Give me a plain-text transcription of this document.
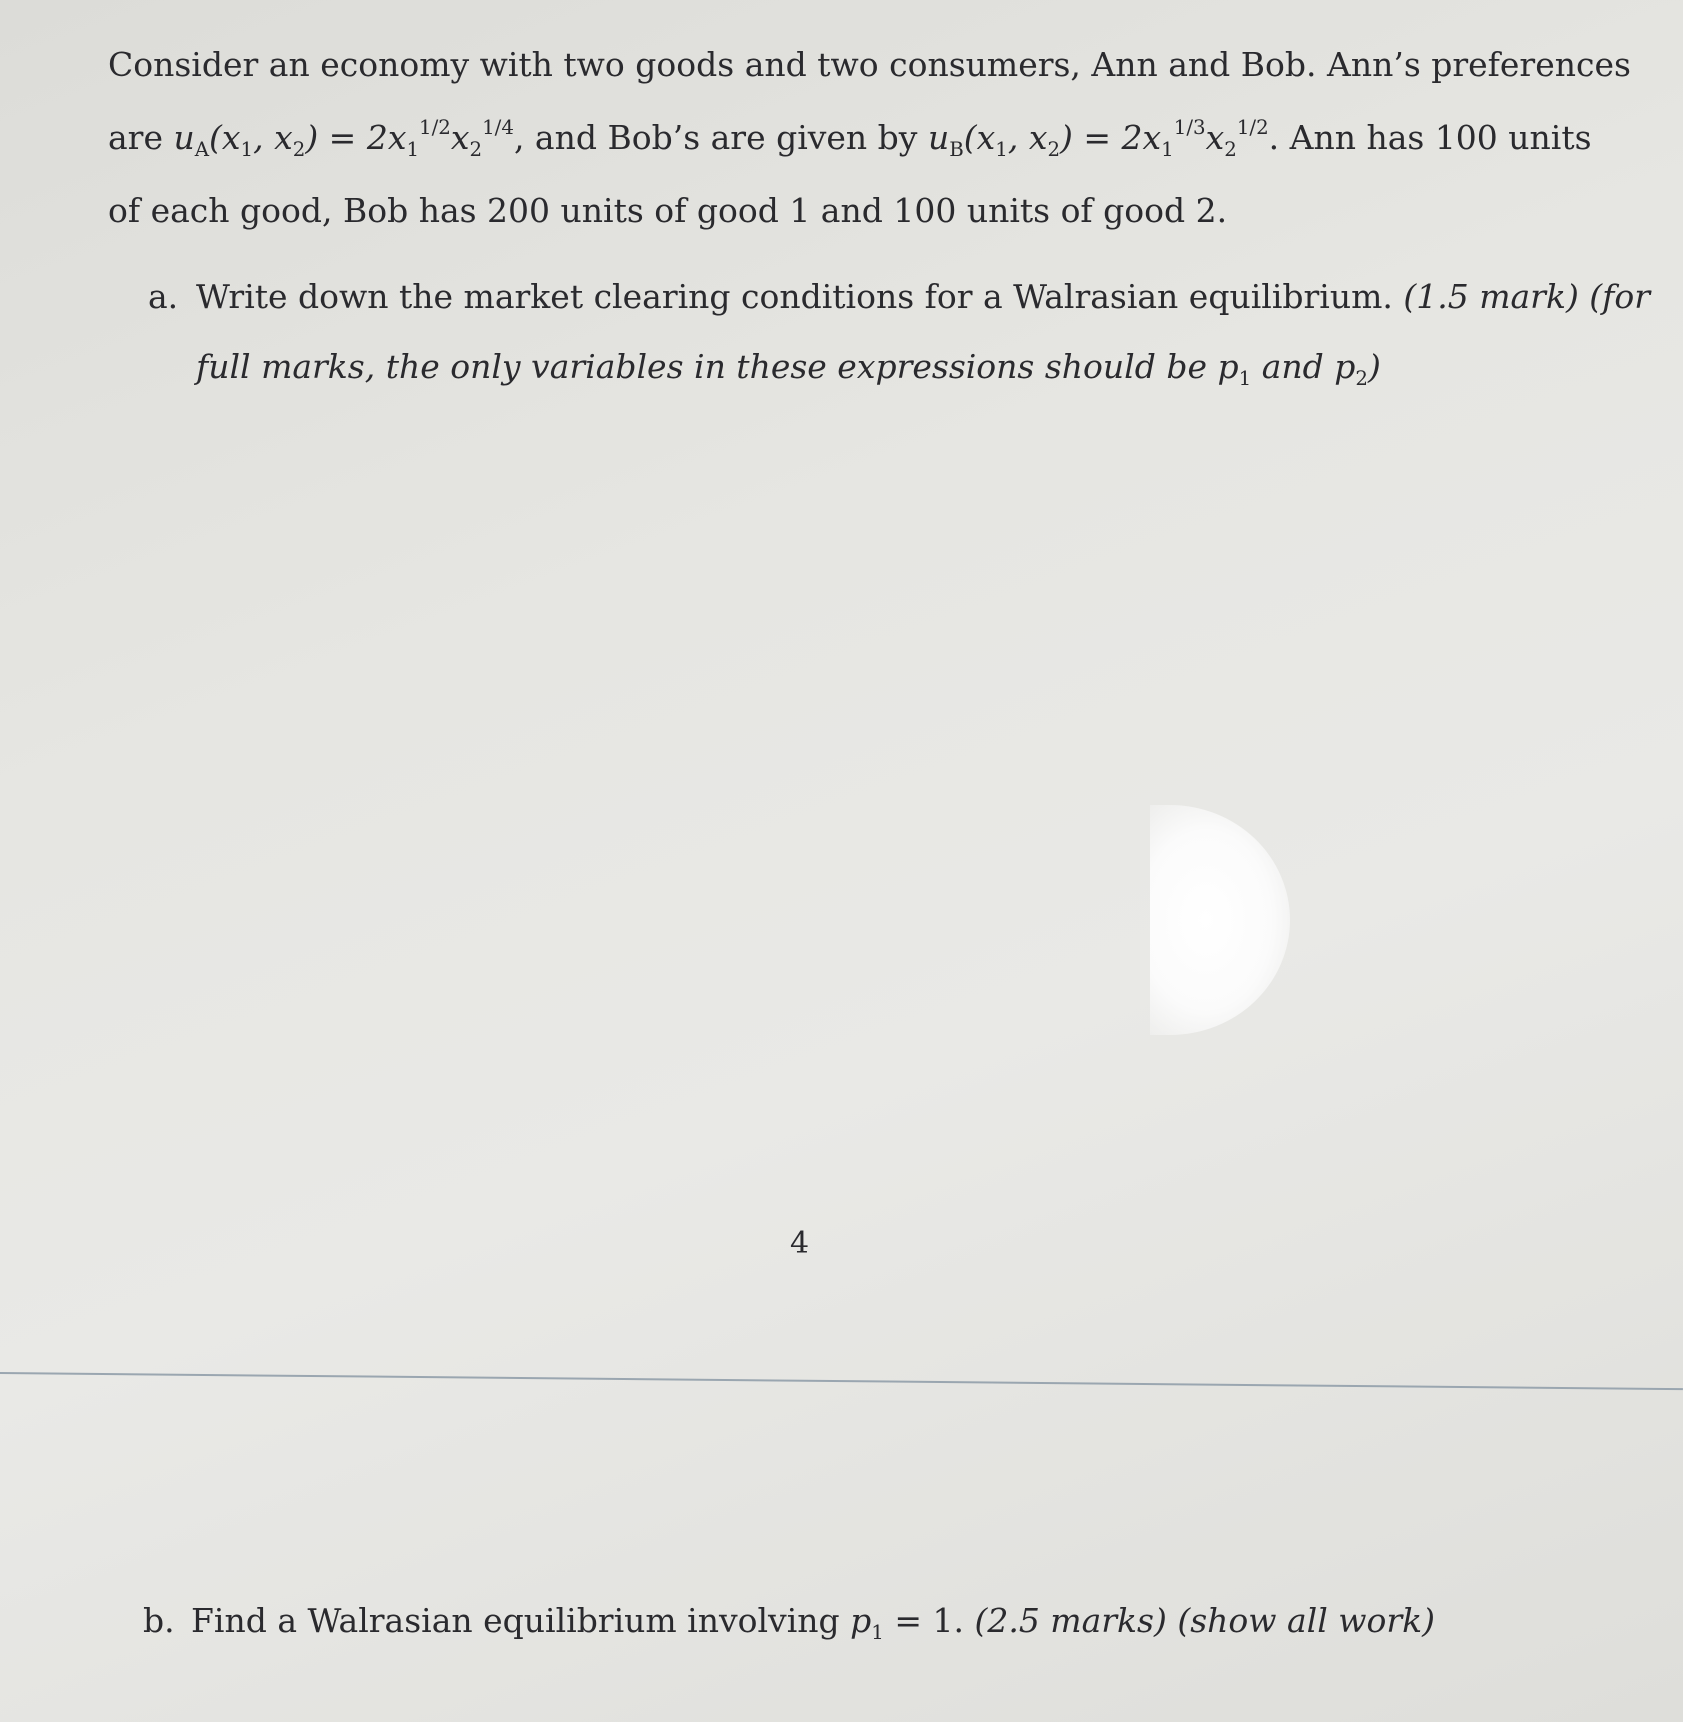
Consider an economy with two goods and two consumers, Ann and Bob. Ann’s preferences
are $u_A(x_1$, $x_2) = 2x_1^{1/2}x_2^{1/4}$, and Bob’s are given by $u_B(x_1$, $x_2) = 2x_1^{1/3}x_2^{1/2}$. Ann has 100 units
of each good, Bob has 200 units of good 1 and 100 units of good 2.

a. Write down the market clearing conditions for a Walrasian equilibrium. (1.5 mark) (for
full marks, the only variables in these expressions should be $p_1$ and $p_2$)
4
b. Find a Walrasian equilibrium involving $p_1 = 1$. (2.5 marks) (show all work)
